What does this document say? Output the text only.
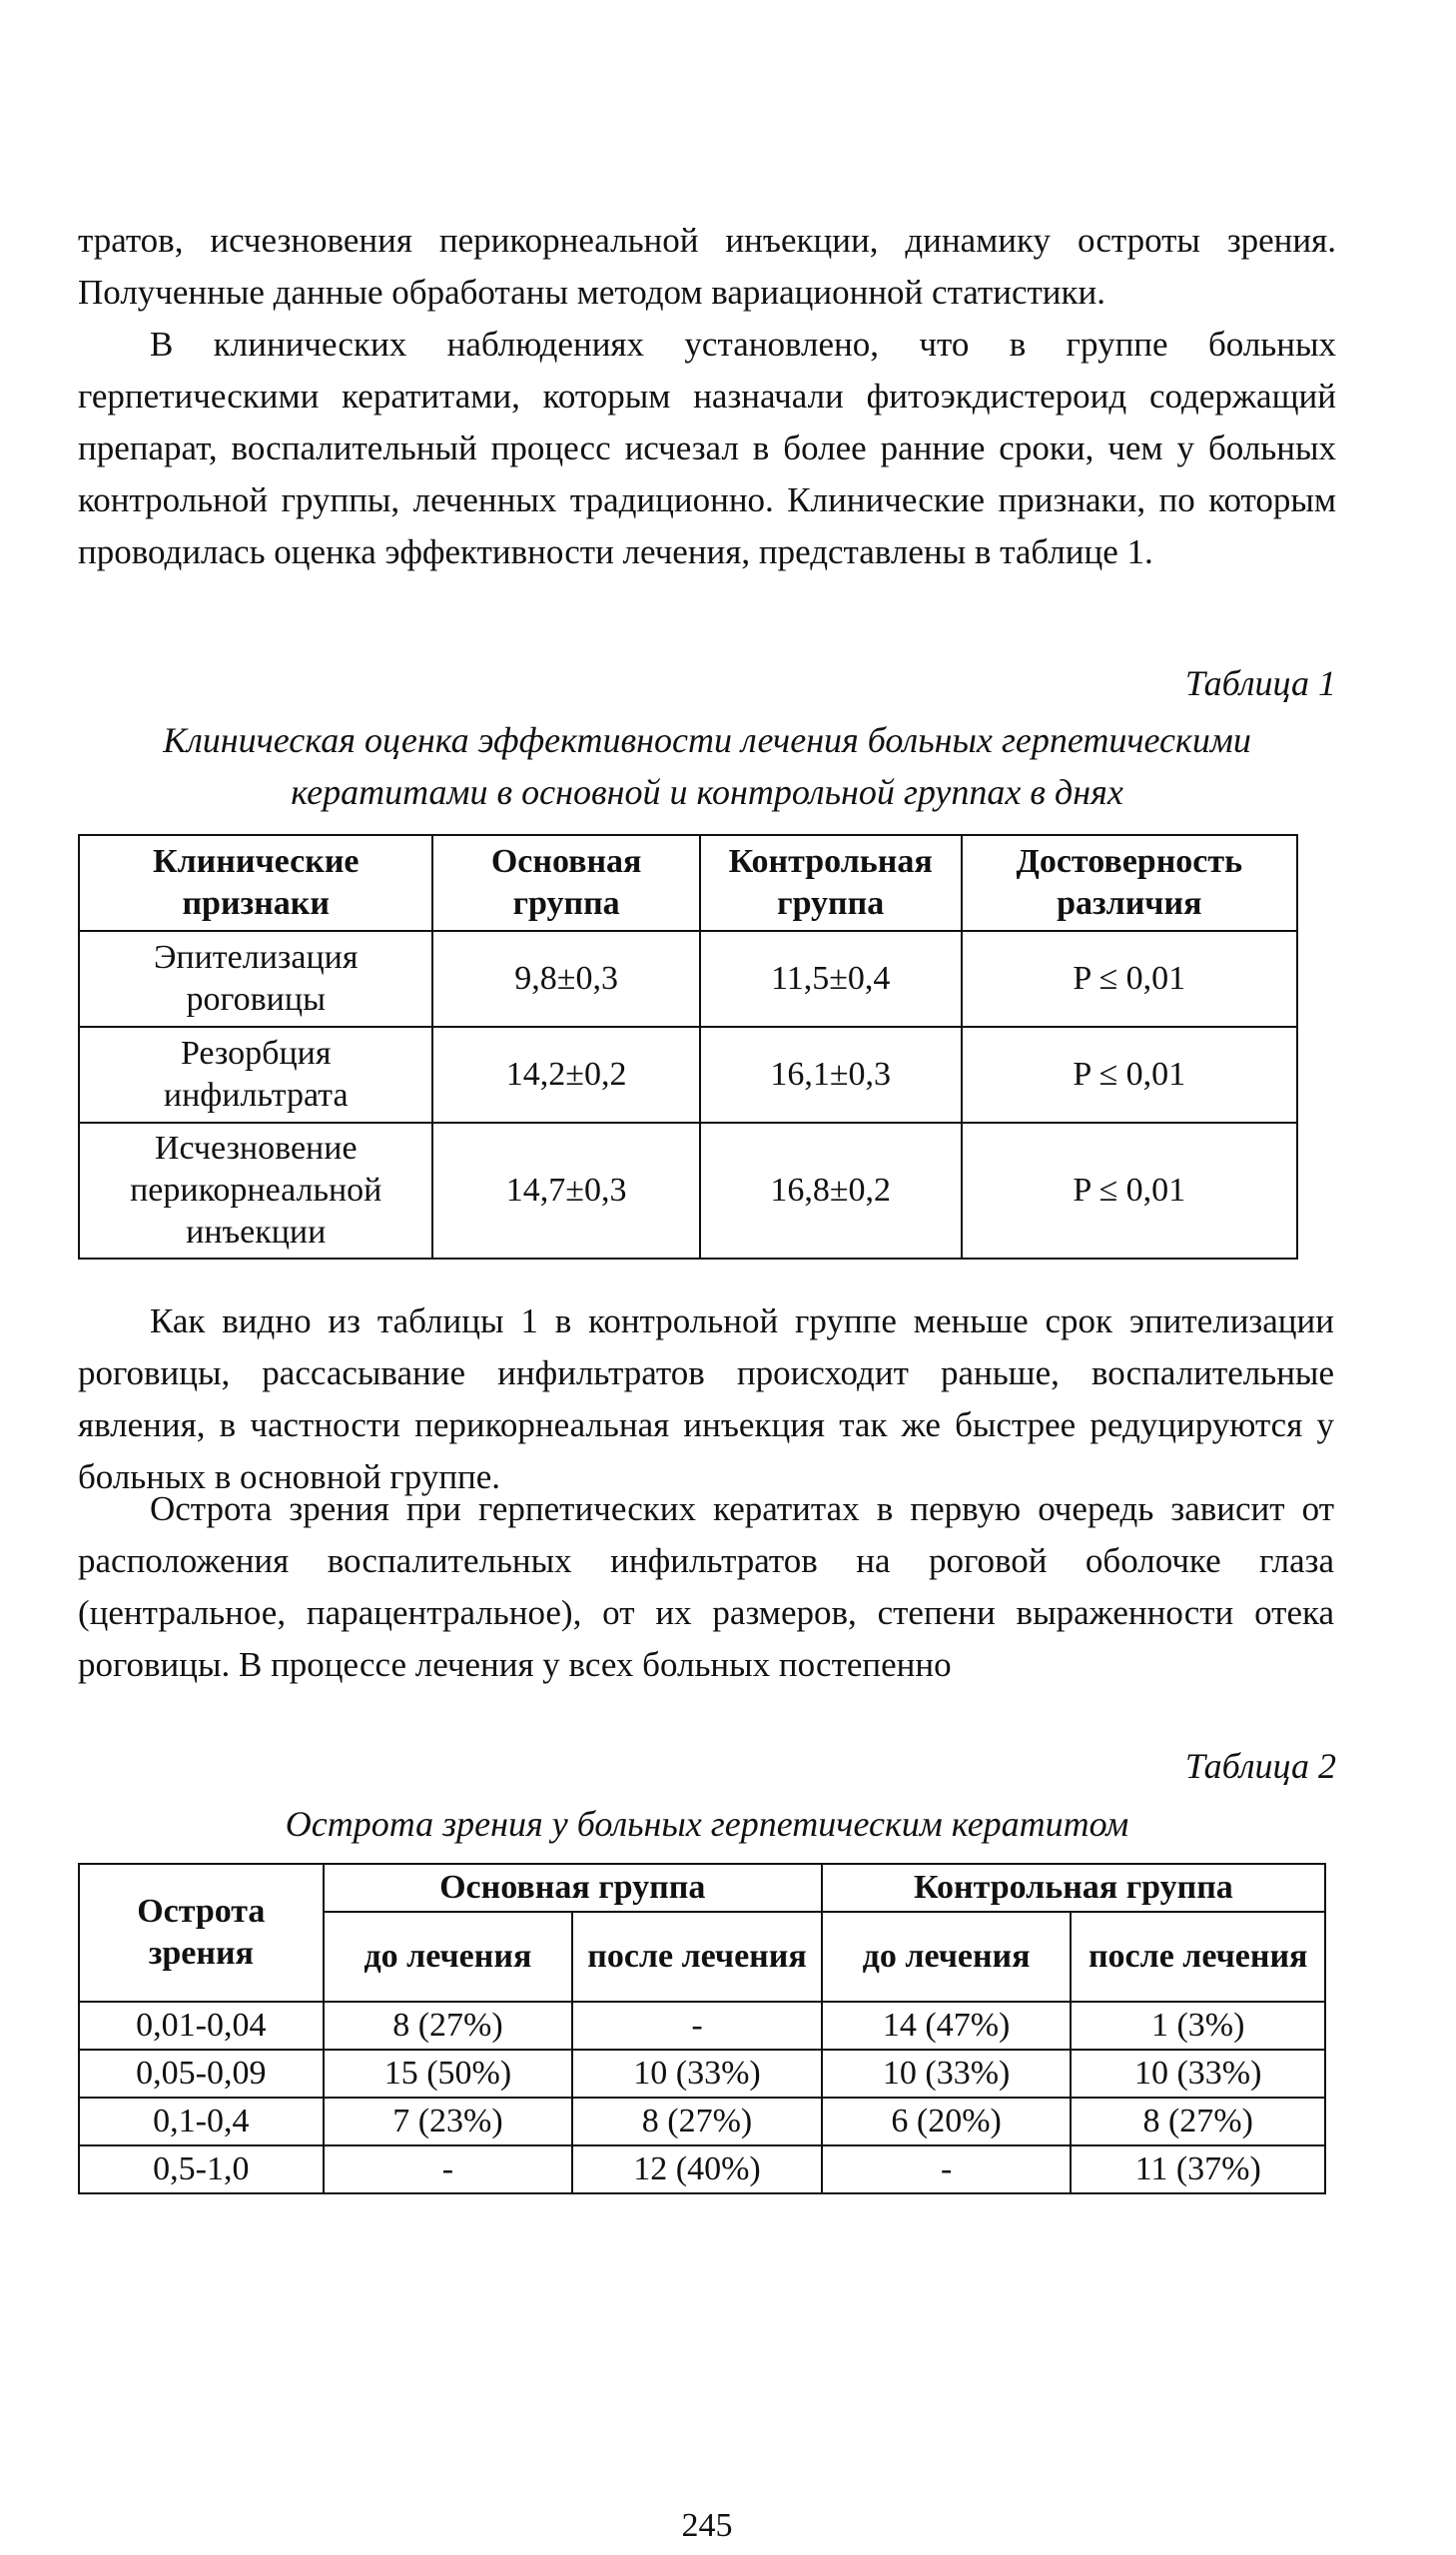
тратов, исчезновения перикорнеальной инъекции, динамику остроты зрения. Полученные данные обработаны методом вариационной статистики.

В клинических наблюдениях установлено, что в группе больных герпетическими кератитами, которым назначали фитоэкдистероид содержащий препарат, воспалительный процесс исчезал в более ранние сроки, чем у больных контрольной группы, леченных традиционно. Клинические признаки, по которым проводилась оценка эффективности лечения, представлены в таблице 1.

Таблица 1
Клиническая оценка эффективности лечения больных герпетическими
кератитами в основной и контрольной группах в днях
Клинические признаки	Основная группа	Контрольная группа	Достоверность различия
Эпителизация роговицы	9,8±0,3	11,5±0,4	P ≤ 0,01
Резорбция инфильтрата	14,2±0,2	16,1±0,3	P ≤ 0,01
Исчезновение перикорнеальной инъекции	14,7±0,3	16,8±0,2	P ≤ 0,01

Как видно из таблицы 1 в контрольной группе меньше срок эпителизации роговицы, рассасывание инфильтратов происходит раньше, воспалительные явления, в частности перикорнеальная инъекция так же быстрее редуцируются у больных в основной группе.

Острота зрения при герпетических кератитах в первую очередь зависит от расположения воспалительных инфильтратов на роговой оболочке глаза (центральное, парацентральное), от их размеров, степени выраженности отека роговицы. В процессе лечения у всех больных постепенно

Таблица 2
Острота зрения у больных герпетическим кератитом
Острота зрения	Основная группа		Контрольная группа	
	до лечения	после лечения	до лечения	после лечения
0,01-0,04	8 (27%)	-	14 (47%)	1 (3%)
0,05-0,09	15 (50%)	10 (33%)	10 (33%)	10 (33%)
0,1-0,4	7 (23%)	8 (27%)	6 (20%)	8 (27%)
0,5-1,0	-	12 (40%)	-	11 (37%)
245
